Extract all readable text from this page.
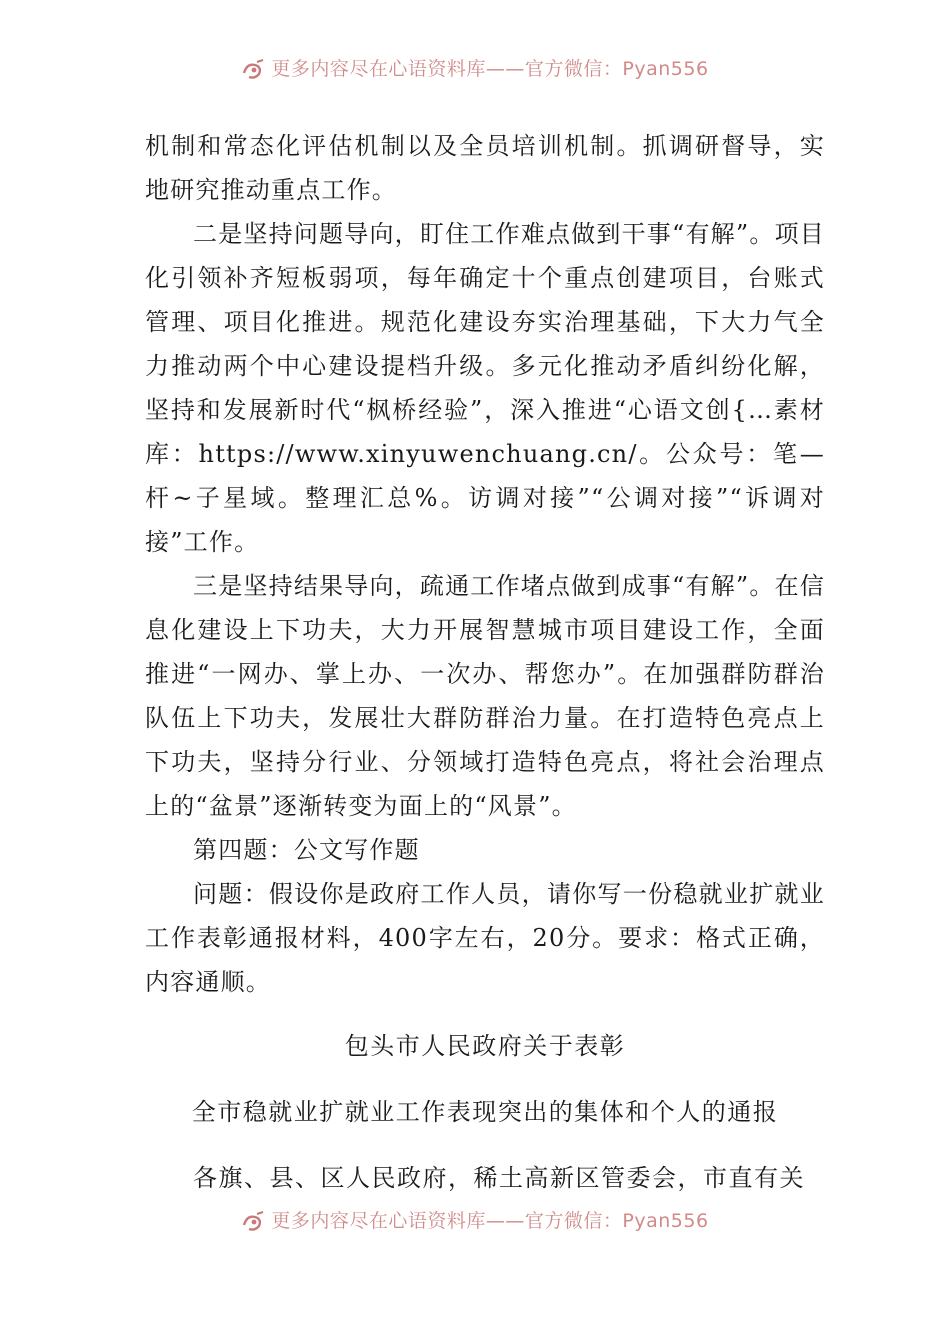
更多内容尽在心语资料库——官方微信：Pyan556

机制和常态化评估机制以及全员培训机制。抓调研督导，实地研究推动重点工作。

二是坚持问题导向，盯住工作难点做到干事“有解”。项目化引领补齐短板弱项，每年确定十个重点创建项目，台账式管理、项目化推进。规范化建设夯实治理基础，下大力气全力推动两个中心建设提档升级。多元化推动矛盾纠纷化解，坚持和发展新时代“枫桥经验”，深入推进“心语文创{…素材库：https://www.xinyuwenchuang.cn/。公众号：笔—杆~子星域。整理汇总%。访调对接”“公调对接”“诉调对接”工作。

三是坚持结果导向，疏通工作堵点做到成事“有解”。在信息化建设上下功夫，大力开展智慧城市项目建设工作，全面推进“一网办、掌上办、一次办、帮您办”。在加强群防群治队伍上下功夫，发展壮大群防群治力量。在打造特色亮点上下功夫，坚持分行业、分领域打造特色亮点，将社会治理点上的“盆景”逐渐转变为面上的“风景”。

第四题：公文写作题

问题：假设你是政府工作人员，请你写一份稳就业扩就业工作表彰通报材料，400字左右，20分。要求：格式正确，内容通顺。

包头市人民政府关于表彰

全市稳就业扩就业工作表现突出的集体和个人的通报

各旗、县、区人民政府，稀土高新区管委会，市直有关

更多内容尽在心语资料库——官方微信：Pyan556
